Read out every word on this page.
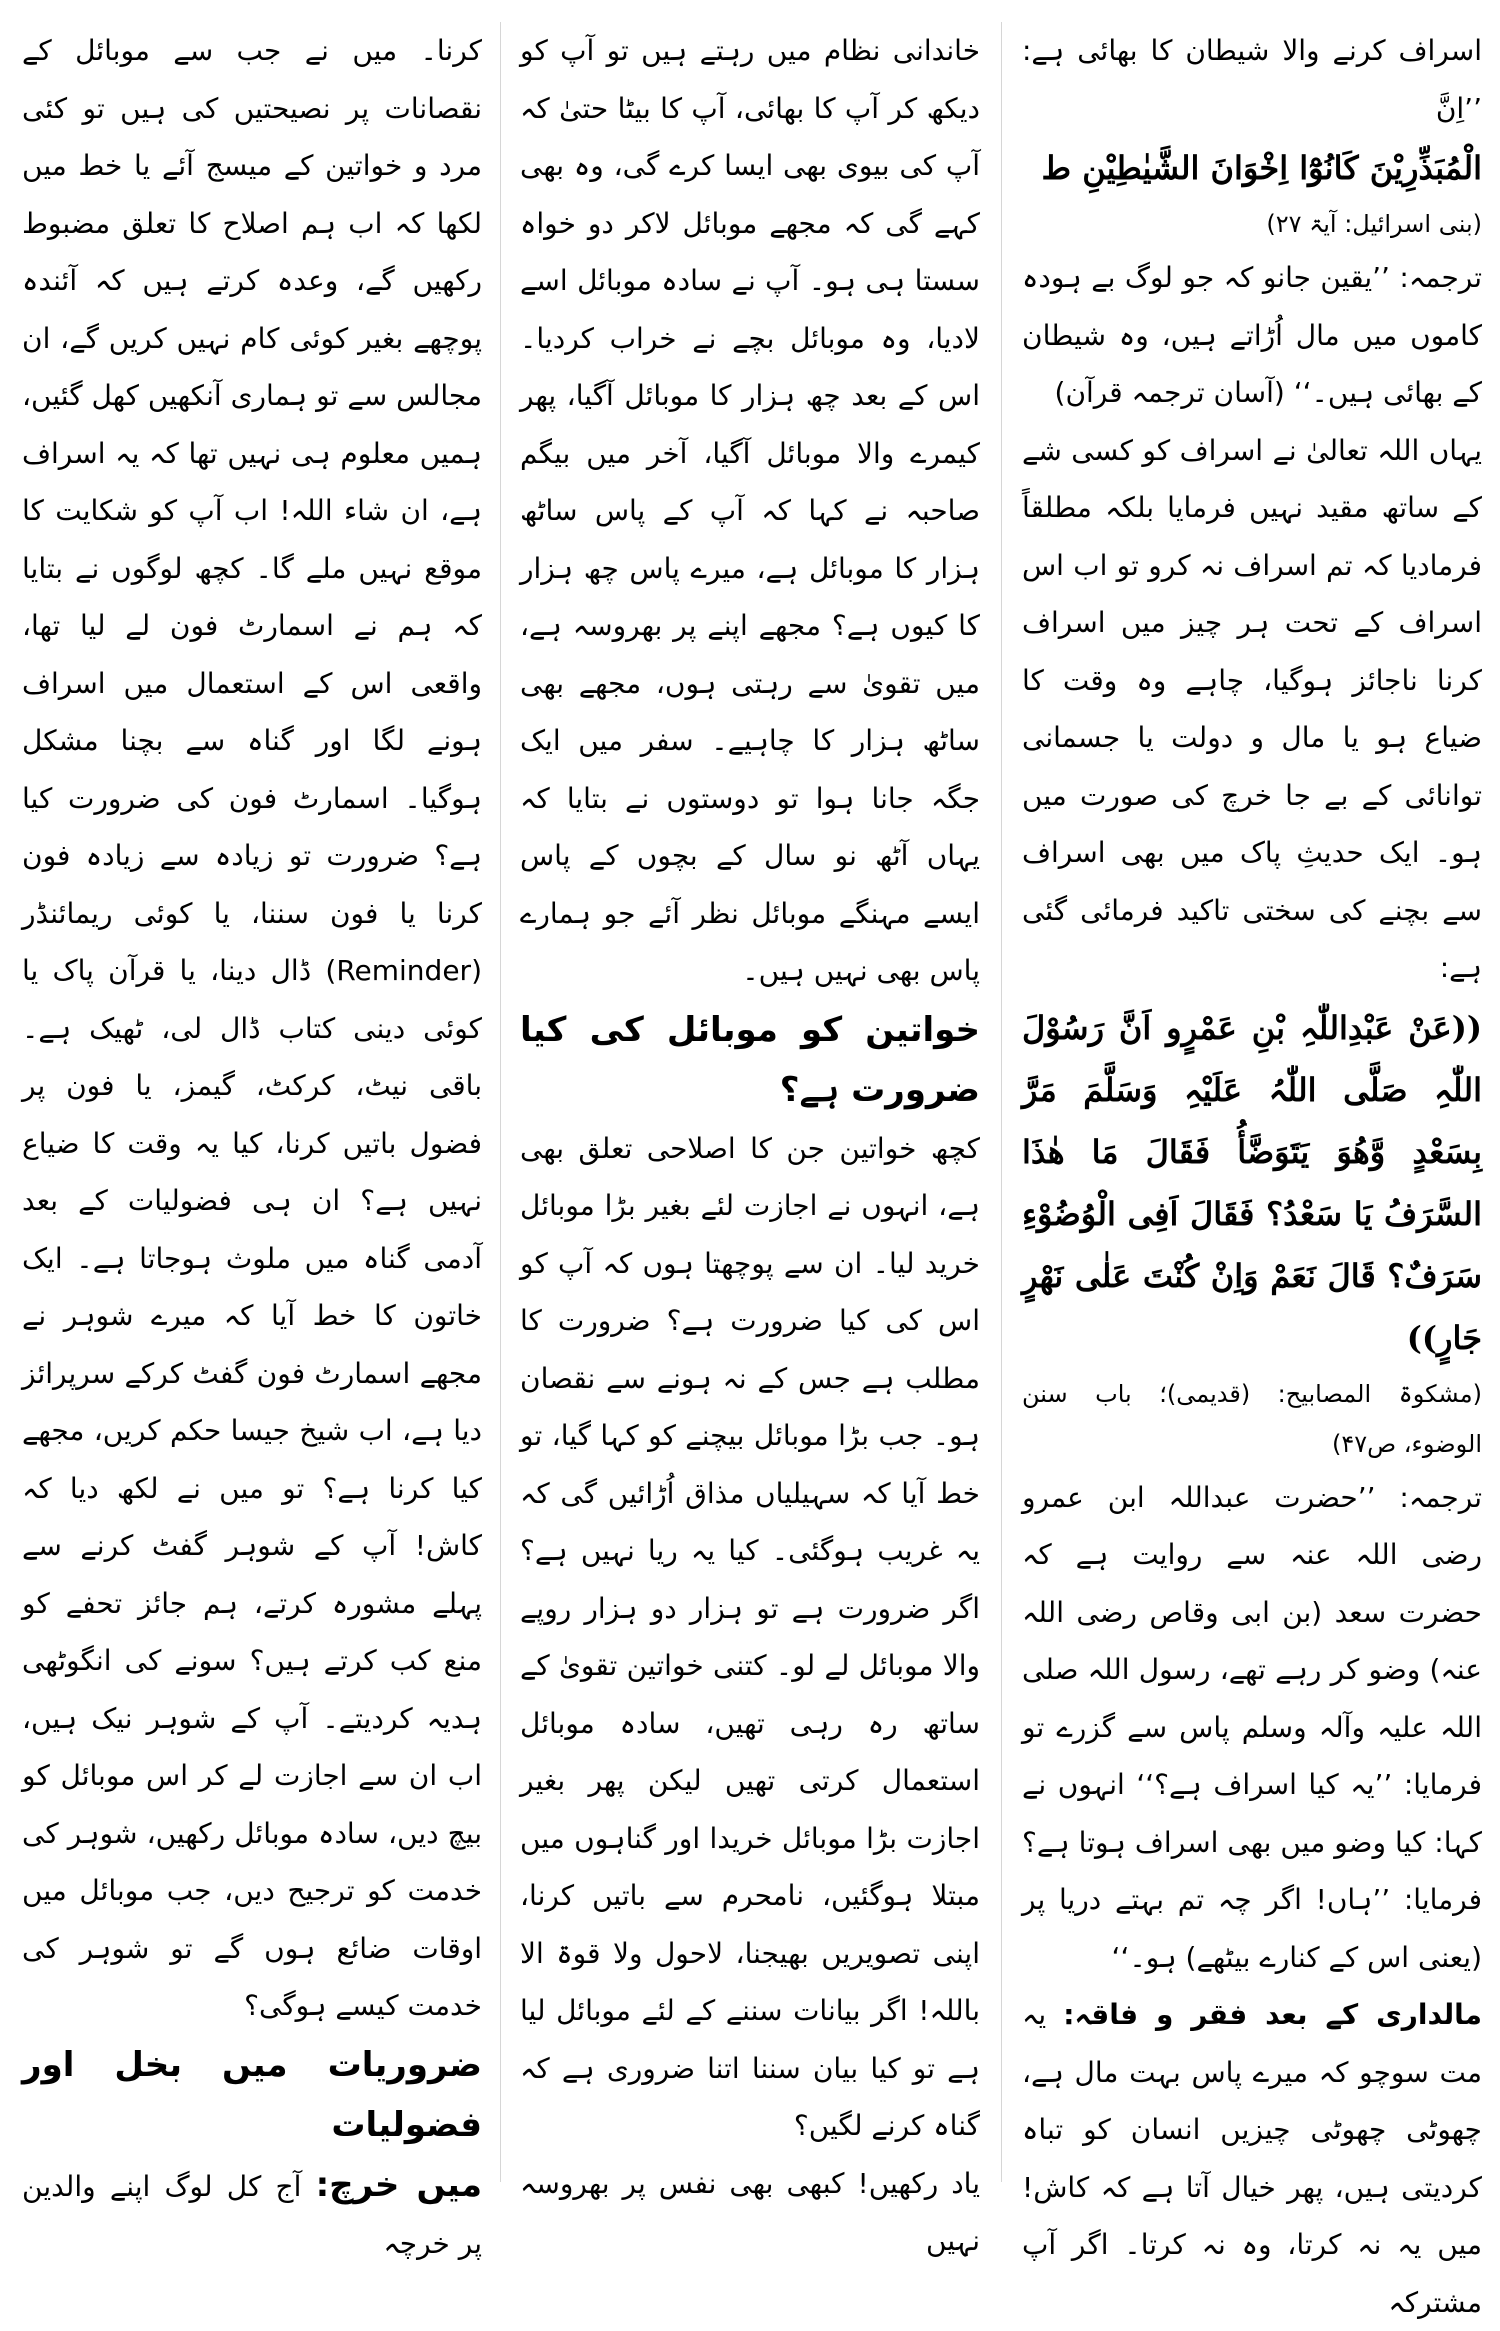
اسراف کرنے والا شیطان کا بھائی ہے: ’’اِنَّ

الْمُبَذِّرِیْنَ کَانُوْٓا اِخْوَانَ الشَّیٰطِیْنِ ط

(بنی اسرائیل: آیۃ ۲۷)

ترجمہ: ’’یقین جانو کہ جو لوگ بے ہودہ کاموں میں مال اُڑاتے ہیں، وہ شیطان کے بھائی ہیں۔‘‘ (آسان ترجمہ قرآن)

یہاں اللہ تعالیٰ نے اسراف کو کسی شے کے ساتھ مقید نہیں فرمایا بلکہ مطلقاً فرمادیا کہ تم اسراف نہ کرو تو اب اس اسراف کے تحت ہر چیز میں اسراف کرنا ناجائز ہوگیا، چاہے وہ وقت کا ضیاع ہو یا مال و دولت یا جسمانی توانائی کے بے جا خرچ کی صورت میں ہو۔ ایک حدیثِ پاک میں بھی اسراف سے بچنے کی سختی تاکید فرمائی گئی ہے:

((عَنْ عَبْدِاللّٰہِ بْنِ عَمْرٍو اَنَّ رَسُوْلَ اللّٰہِ صَلَّی اللّٰہُ عَلَیْہِ وَسَلَّمَ مَرَّ بِسَعْدٍ وَّھُوَ یَتَوَضَّأُ فَقَالَ مَا ھٰذَا السَّرَفُ یَا سَعْدُ؟ فَقَالَ اَفِی الْوُضُوْءِ سَرَفٌ؟ قَالَ نَعَمْ وَاِنْ کُنْتَ عَلٰی نَھْرٍ جَارٍ))

(مشکوۃ المصابیح: (قدیمی)؛ باب سنن الوضوء، ص۴۷)

ترجمہ: ’’حضرت عبداللہ ابن عمرو رضی اللہ عنہ سے روایت ہے کہ حضرت سعد (بن ابی وقاص رضی اللہ عنہ) وضو کر رہے تھے، رسول اللہ صلی اللہ علیہ وآلہ وسلم پاس سے گزرے تو فرمایا: ’’یہ کیا اسراف ہے؟‘‘ انہوں نے کہا: کیا وضو میں بھی اسراف ہوتا ہے؟ فرمایا: ’’ہاں! اگر چہ تم بہتے دریا پر (یعنی اس کے کنارے بیٹھے) ہو۔‘‘

مالداری کے بعد فقر و فاقہ: یہ مت سوچو کہ میرے پاس بہت مال ہے، چھوٹی چھوٹی چیزیں انسان کو تباہ کردیتی ہیں، پھر خیال آتا ہے کہ کاش! میں یہ نہ کرتا، وہ نہ کرتا۔ اگر آپ مشترکہ

خاندانی نظام میں رہتے ہیں تو آپ کو دیکھ کر آپ کا بھائی، آپ کا بیٹا حتیٰ کہ آپ کی بیوی بھی ایسا کرے گی، وہ بھی کہے گی کہ مجھے موبائل لاکر دو خواہ سستا ہی ہو۔ آپ نے سادہ موبائل اسے لادیا، وہ موبائل بچے نے خراب کردیا۔ اس کے بعد چھ ہزار کا موبائل آگیا، پھر کیمرے والا موبائل آگیا، آخر میں بیگم صاحبہ نے کہا کہ آپ کے پاس ساٹھ ہزار کا موبائل ہے، میرے پاس چھ ہزار کا کیوں ہے؟ مجھے اپنے پر بھروسہ ہے، میں تقویٰ سے رہتی ہوں، مجھے بھی ساٹھ ہزار کا چاہیے۔ سفر میں ایک جگہ جانا ہوا تو دوستوں نے بتایا کہ یہاں آٹھ نو سال کے بچوں کے پاس ایسے مہنگے موبائل نظر آئے جو ہمارے پاس بھی نہیں ہیں۔

خواتین کو موبائل کی کیا ضرورت ہے؟

کچھ خواتین جن کا اصلاحی تعلق بھی ہے، انہوں نے اجازت لئے بغیر بڑا موبائل خرید لیا۔ ان سے پوچھتا ہوں کہ آپ کو اس کی کیا ضرورت ہے؟ ضرورت کا مطلب ہے جس کے نہ ہونے سے نقصان ہو۔ جب بڑا موبائل بیچنے کو کہا گیا، تو خط آیا کہ سہیلیاں مذاق اُڑائیں گی کہ یہ غریب ہوگئی۔ کیا یہ ریا نہیں ہے؟ اگر ضرورت ہے تو ہزار دو ہزار روپے والا موبائل لے لو۔ کتنی خواتین تقویٰ کے ساتھ رہ رہی تھیں، سادہ موبائل استعمال کرتی تھیں لیکن پھر بغیر اجازت بڑا موبائل خریدا اور گناہوں میں مبتلا ہوگئیں، نامحرم سے باتیں کرنا، اپنی تصویریں بھیجنا، لاحول ولا قوۃ الا باللہ! اگر بیانات سننے کے لئے موبائل لیا ہے تو کیا بیان سننا اتنا ضروری ہے کہ گناہ کرنے لگیں؟

یاد رکھیں! کبھی بھی نفس پر بھروسہ نہیں

کرنا۔ میں نے جب سے موبائل کے نقصانات پر نصیحتیں کی ہیں تو کئی مرد و خواتین کے میسج آئے یا خط میں لکھا کہ اب ہم اصلاح کا تعلق مضبوط رکھیں گے، وعدہ کرتے ہیں کہ آئندہ پوچھے بغیر کوئی کام نہیں کریں گے، ان مجالس سے تو ہماری آنکھیں کھل گئیں، ہمیں معلوم ہی نہیں تھا کہ یہ اسراف ہے، ان شاء اللہ! اب آپ کو شکایت کا موقع نہیں ملے گا۔ کچھ لوگوں نے بتایا کہ ہم نے اسمارٹ فون لے لیا تھا، واقعی اس کے استعمال میں اسراف ہونے لگا اور گناہ سے بچنا مشکل ہوگیا۔ اسمارٹ فون کی ضرورت کیا ہے؟ ضرورت تو زیادہ سے زیادہ فون کرنا یا فون سننا، یا کوئی ریمائنڈر (Reminder) ڈال دینا، یا قرآن پاک یا کوئی دینی کتاب ڈال لی، ٹھیک ہے۔ باقی نیٹ، کرکٹ، گیمز، یا فون پر فضول باتیں کرنا، کیا یہ وقت کا ضیاع نہیں ہے؟ ان ہی فضولیات کے بعد آدمی گناہ میں ملوث ہوجاتا ہے۔ ایک خاتون کا خط آیا کہ میرے شوہر نے مجھے اسمارٹ فون گفٹ کرکے سرپرائز دیا ہے، اب شیخ جیسا حکم کریں، مجھے کیا کرنا ہے؟ تو میں نے لکھ دیا کہ کاش! آپ کے شوہر گفٹ کرنے سے پہلے مشورہ کرتے، ہم جائز تحفے کو منع کب کرتے ہیں؟ سونے کی انگوٹھی ہدیہ کردیتے۔ آپ کے شوہر نیک ہیں، اب ان سے اجازت لے کر اس موبائل کو بیچ دیں، سادہ موبائل رکھیں، شوہر کی خدمت کو ترجیح دیں، جب موبائل میں اوقات ضائع ہوں گے تو شوہر کی خدمت کیسے ہوگی؟

ضروریات میں بخل اور فضولیات

میں خرچ: آج کل لوگ اپنے والدین پر خرچہ
